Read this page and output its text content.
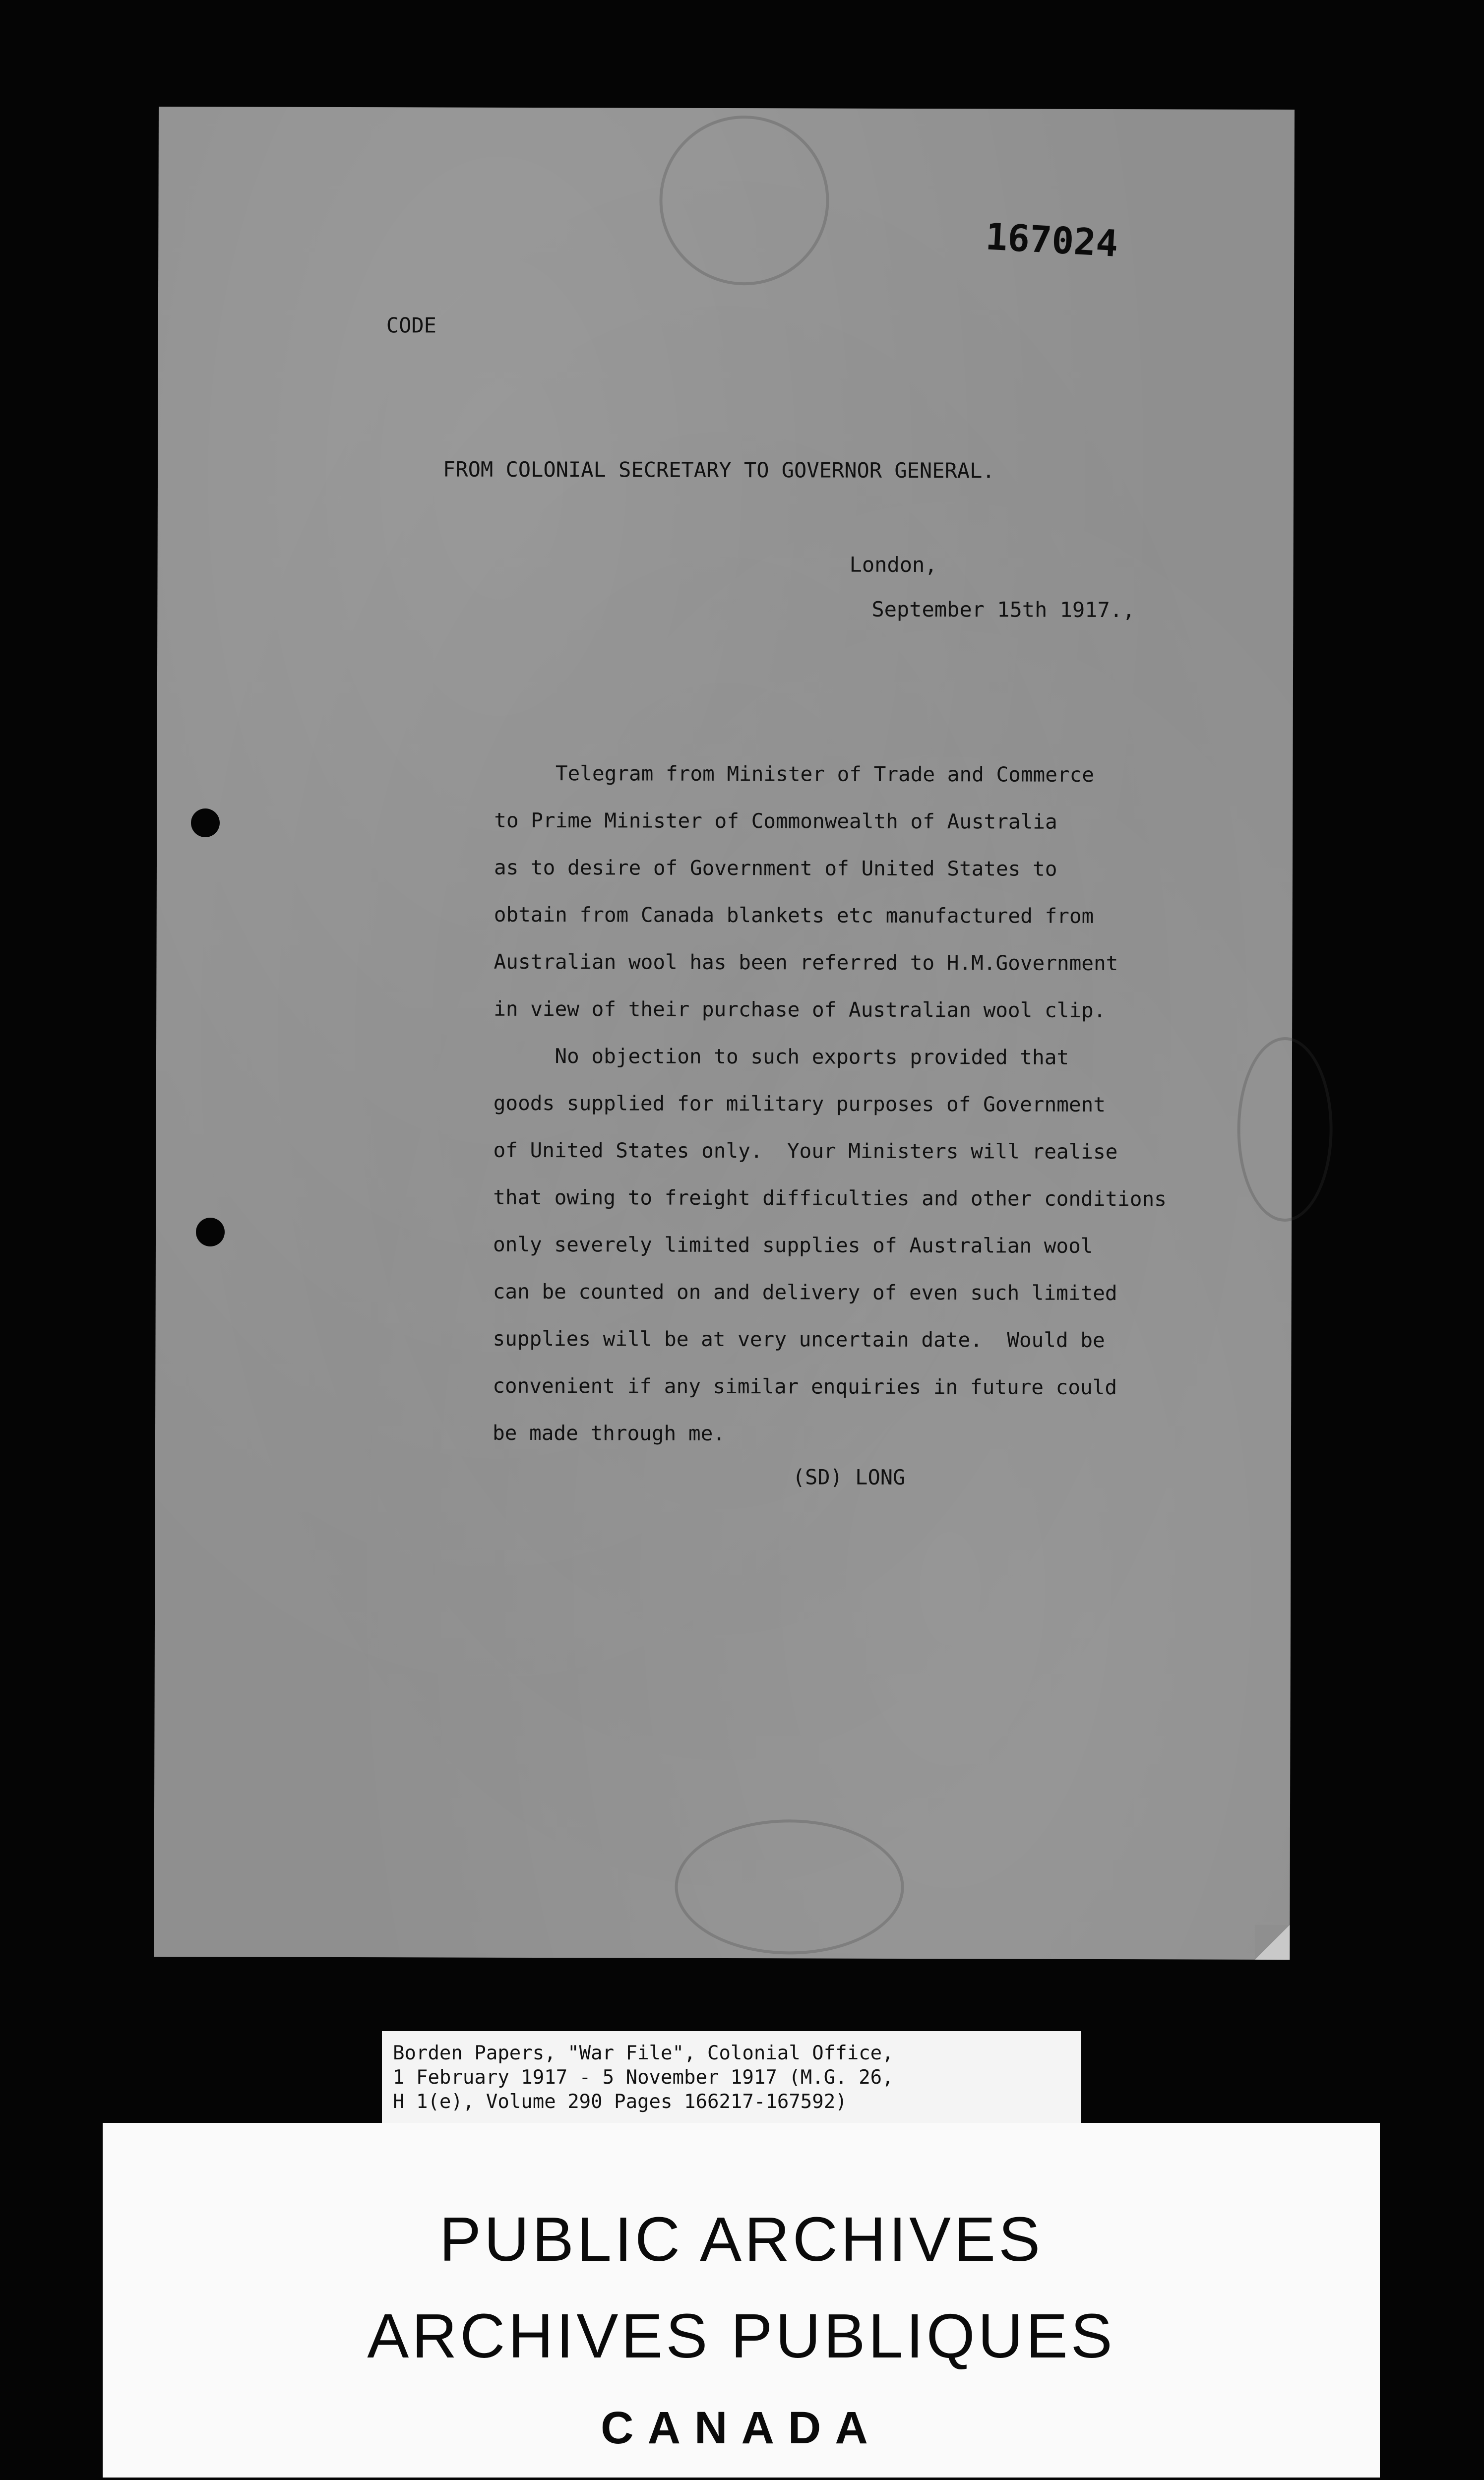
167024
CODE
FROM COLONIAL SECRETARY TO GOVERNOR GENERAL.
London,
September 15th 1917.,
Telegram from Minister of Trade and Commerce
to Prime Minister of Commonwealth of Australia
as to desire of Government of United States to
obtain from Canada blankets etc manufactured from
Australian wool has been referred to H.M.Government
in view of their purchase of Australian wool clip.
No objection to such exports provided that
goods supplied for military purposes of Government
of United States only.  Your Ministers will realise
that owing to freight difficulties and other conditions
only severely limited supplies of Australian wool
can be counted on and delivery of even such limited
supplies will be at very uncertain date.  Would be
convenient if any similar enquiries in future could
be made through me.
(SD) LONG
Borden Papers, "War File", Colonial Office,
1 February 1917 - 5 November 1917 (M.G. 26,
H 1(e), Volume 290 Pages 166217-167592)
PUBLIC ARCHIVES
ARCHIVES PUBLIQUES
CANADA
